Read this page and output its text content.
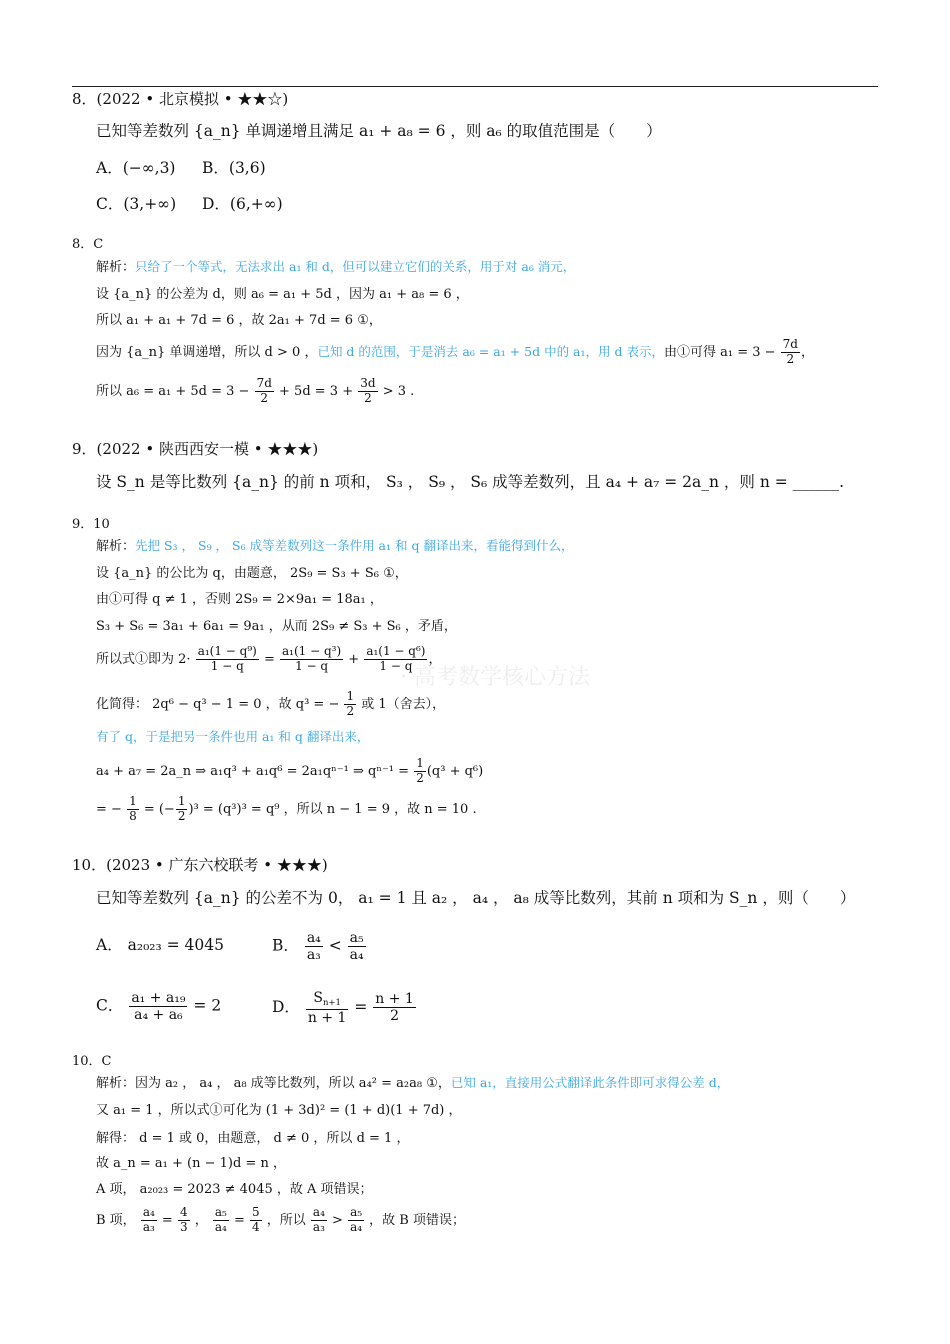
· 高考数学核心方法
8．(2022 • 北京模拟 • ★★☆)
已知等差数列 {a_n} 单调递增且满足 a₁ + a₈ = 6 ，则 a₆ 的取值范围是（　　）
A．(−∞,3) B．(3,6)
C．(3,+∞) D．(6,+∞)
8．C
解析：只给了一个等式，无法求出 a₁ 和 d，但可以建立它们的关系，用于对 a₆ 消元，
设 {a_n} 的公差为 d，则 a₆ = a₁ + 5d ，因为 a₁ + a₈ = 6 ，
所以 a₁ + a₁ + 7d = 6 ，故 2a₁ + 7d = 6 ①，
因为 {a_n} 单调递增，所以 d > 0 ，已知 d 的范围，于是消去 a₆ = a₁ + 5d 中的 a₁，用 d 表示，由①可得 $a_1 = 3 - \frac{7d}{2}$ ，
所以 $a_6 = a_1 + 5d = 3 - \frac{7d}{2} + 5d = 3 + \frac{3d}{2} > 3$ .
9．(2022 • 陕西西安一模 • ★★★)
设 S_n 是等比数列 {a_n} 的前 n 项和， S₃ ， S₉ ， S₆ 成等差数列，且 a₄ + a₇ = 2a_n ，则 n = ______.
9．10
解析：先把 S₃ ， S₉ ， S₆ 成等差数列这一条件用 a₁ 和 q 翻译出来，看能得到什么，
设 {a_n} 的公比为 q，由题意， 2S₉ = S₃ + S₆ ①，
由①可得 q ≠ 1 ，否则 2S₉ = 2×9a₁ = 18a₁ ，
S₃ + S₆ = 3a₁ + 6a₁ = 9a₁ ，从而 2S₉ ≠ S₃ + S₆ ，矛盾，
所以式①即为 $2\cdot \frac{\text{a₁(1 − q⁹)}}{1 - q} = \frac{\text{a₁(1 − q³)}}{1 - q} + \frac{\text{a₁(1 − q⁶)}}{1 - q}$ ，
化简得： 2q⁶ − q³ − 1 = 0 ，故 q³ = − $\frac{1}{2}$ 或 1（舍去），
有了 q，于是把另一条件也用 a₁ 和 q 翻译出来，
a₄ + a₇ = 2a_n ⇒ a₁q³ + a₁q⁶ = 2a₁qⁿ⁻¹ ⇒ $q^{n-1} = \frac{1}{2} (q^3 + q^6)$
= − $\frac{1}{8}$ = (− $\frac{1}{2} )^3 = (q^3)^3 = q^9$ ，所以 n − 1 = 9 ，故 n = 10 .
10．(2023 • 广东六校联考 • ★★★)
已知等差数列 {a_n} 的公差不为 0， a₁ = 1 且 a₂ ， a₄ ， a₈ 成等比数列，其前 n 项和为 S_n ，则（　　）
A． a₂₀₂₃ = 4045	B． $\frac{\text{a₄}}{\text{a₃}} < \frac{\text{a₅}}{\text{a₄}}$
C． $\frac{\text{a₁ + a₁₉}}{\text{a₄ + a₆}} = 2$	D． $\frac{S_{n+1}}{n + 1} = \frac{n + 1}{2}$
10．C
解析：因为 a₂ ， a₄ ， a₈ 成等比数列，所以 a₄² = a₂a₈ ①，已知 a₁，直接用公式翻译此条件即可求得公差 d，
又 a₁ = 1 ，所以式①可化为 (1 + 3d)² = (1 + d)(1 + 7d) ，
解得： d = 1 或 0，由题意， d ≠ 0 ，所以 d = 1 ，
故 a_n = a₁ + (n − 1)d = n ，
A 项， a₂₀₂₃ = 2023 ≠ 4045 ，故 A 项错误；
B 项， $\frac{\text{a₄}}{\text{a₃}} = \frac{4}{3}$ ， $\frac{\text{a₅}}{\text{a₄}} = \frac{5}{4}$ ，所以 $\frac{\text{a₄}}{\text{a₃}} > \frac{\text{a₅}}{\text{a₄}}$ ，故 B 项错误；
